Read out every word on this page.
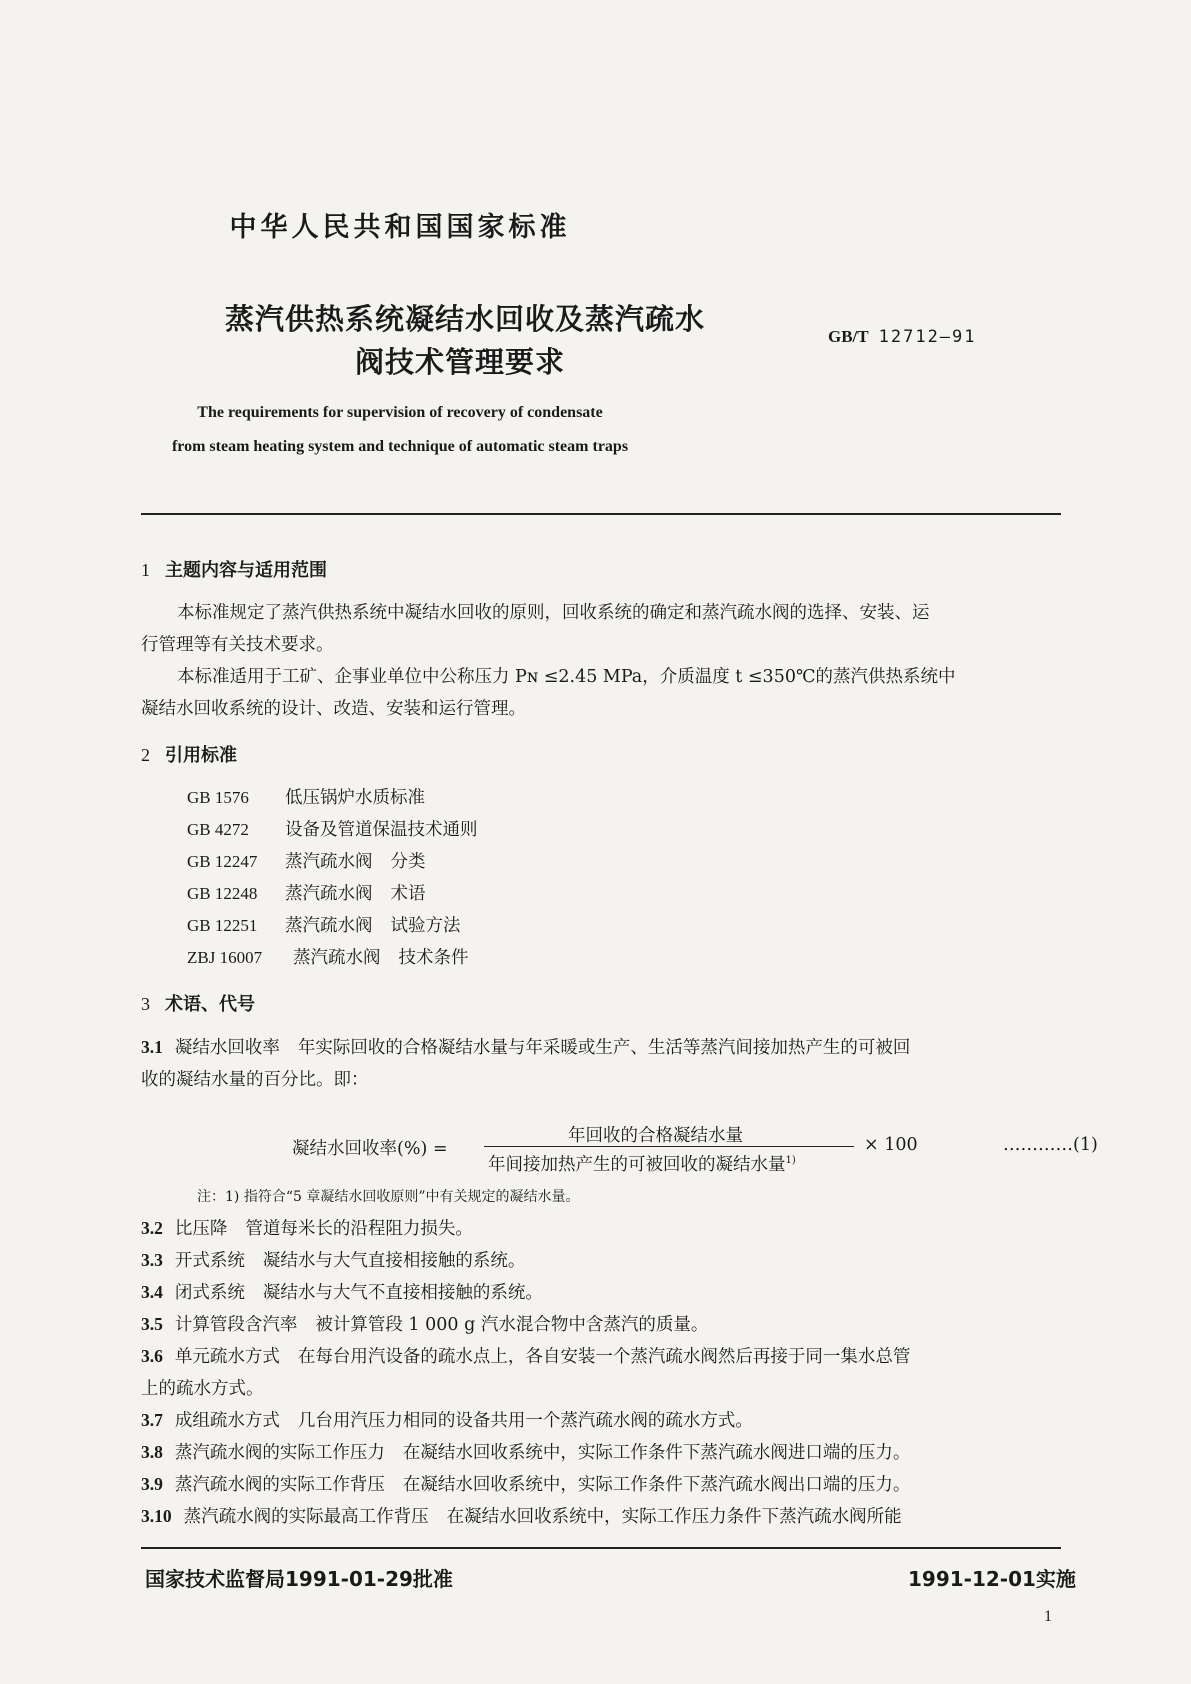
中华人民共和国国家标准
蒸汽供热系统凝结水回收及蒸汽疏水
阀技术管理要求
GB/T 12712—91
The requirements for supervision of recovery of condensate
from steam heating system and technique of automatic steam traps
1 主题内容与适用范围
本标准规定了蒸汽供热系统中凝结水回收的原则，回收系统的确定和蒸汽疏水阀的选择、安装、运
行管理等有关技术要求。
本标准适用于工矿、企事业单位中公称压力 Pɴ ≤2.45 MPa，介质温度 t ≤350℃的蒸汽供热系统中
凝结水回收系统的设计、改造、安装和运行管理。
2 引用标准
GB 1576 低压锅炉水质标准
GB 4272 设备及管道保温技术通则
GB 12247 蒸汽疏水阀 分类
GB 12248 蒸汽疏水阀 术语
GB 12251 蒸汽疏水阀 试验方法
ZBJ 16007 蒸汽疏水阀 技术条件
3 术语、代号
3.1 凝结水回收率 年实际回收的合格凝结水量与年采暖或生产、生活等蒸汽间接加热产生的可被回
收的凝结水量的百分比。即：
凝结水回收率(%) =
年回收的合格凝结水量
年间接加热产生的可被回收的凝结水量$^{1)}$
× 100	…………(1)
注：1) 指符合“5 章凝结水回收原则”中有关规定的凝结水量。
3.2 比压降 管道每米长的沿程阻力损失。
3.3 开式系统 凝结水与大气直接相接触的系统。
3.4 闭式系统 凝结水与大气不直接相接触的系统。
3.5 计算管段含汽率 被计算管段 1 000 g 汽水混合物中含蒸汽的质量。
3.6 单元疏水方式 在每台用汽设备的疏水点上，各自安装一个蒸汽疏水阀然后再接于同一集水总管
上的疏水方式。
3.7 成组疏水方式 几台用汽压力相同的设备共用一个蒸汽疏水阀的疏水方式。
3.8 蒸汽疏水阀的实际工作压力 在凝结水回收系统中，实际工作条件下蒸汽疏水阀进口端的压力。
3.9 蒸汽疏水阀的实际工作背压 在凝结水回收系统中，实际工作条件下蒸汽疏水阀出口端的压力。
3.10 蒸汽疏水阀的实际最高工作背压 在凝结水回收系统中，实际工作压力条件下蒸汽疏水阀所能
国家技术监督局1991-01-29批准	1991-12-01实施
1
